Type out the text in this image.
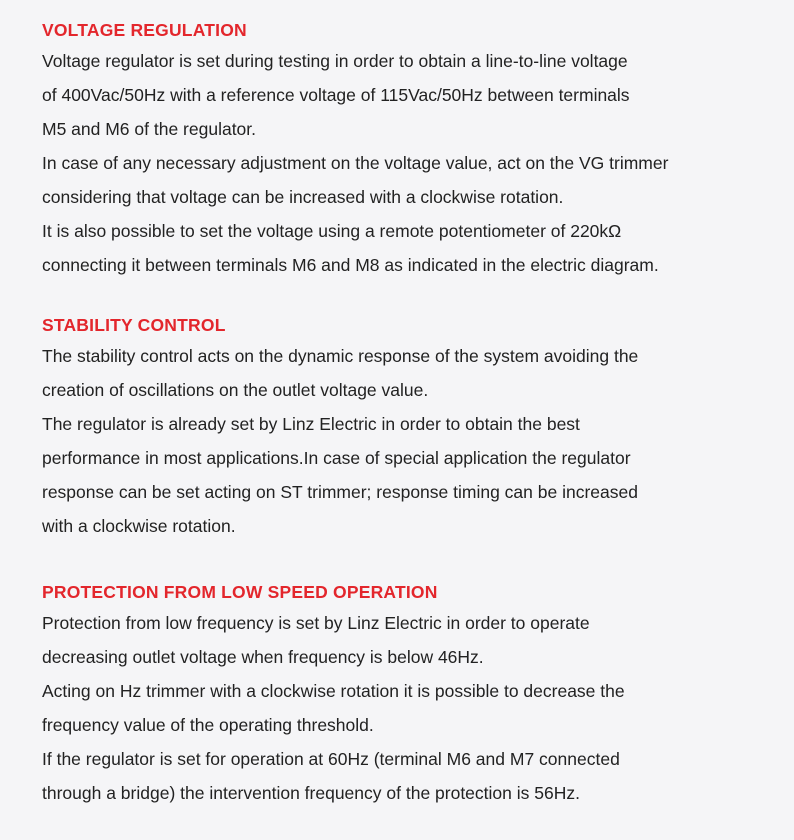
VOLTAGE REGULATION
Voltage regulator is set during testing in order to obtain a line-to-line voltage
of 400Vac/50Hz with a reference voltage of 115Vac/50Hz between terminals
M5 and M6 of the regulator.
In case of any necessary adjustment on the voltage value, act on the VG trimmer
considering that voltage can be increased with a clockwise rotation.
It is also possible to set the voltage using a remote potentiometer of 220kΩ
connecting it between terminals M6 and M8 as indicated in the electric diagram.
STABILITY CONTROL
The stability control acts on the dynamic response of the system avoiding the
creation of oscillations on the outlet voltage value.
The regulator is already set by Linz Electric in order to obtain the best
performance in most applications.In case of special application the regulator
response can be set acting on ST trimmer; response timing can be increased
with a clockwise rotation.
PROTECTION FROM LOW SPEED OPERATION
Protection from low frequency is set by Linz Electric in order to operate
decreasing outlet voltage when frequency is below 46Hz.
Acting on Hz trimmer with a clockwise rotation it is possible to decrease the
frequency value of the operating threshold.
If the regulator is set for operation at 60Hz (terminal M6 and M7 connected
through a bridge) the intervention frequency of the protection is 56Hz.
